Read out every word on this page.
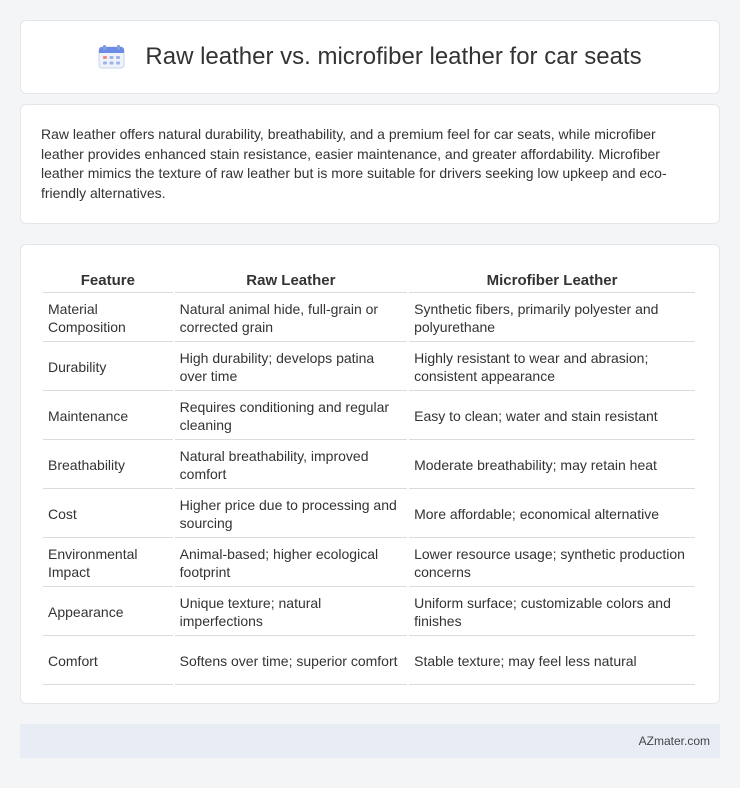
Raw leather vs. microfiber leather for car seats

Raw leather offers natural durability, breathability, and a premium feel for car seats, while microfiber leather provides enhanced stain resistance, easier maintenance, and greater affordability. Microfiber leather mimics the texture of raw leather but is more suitable for drivers seeking low upkeep and eco-friendly alternatives.

Feature	Raw Leather	Microfiber Leather
Material Composition	Natural animal hide, full-grain or corrected grain	Synthetic fibers, primarily polyester and polyurethane
Durability	High durability; develops patina over time	Highly resistant to wear and abrasion; consistent appearance
Maintenance	Requires conditioning and regular cleaning	Easy to clean; water and stain resistant
Breathability	Natural breathability, improved comfort	Moderate breathability; may retain heat
Cost	Higher price due to processing and sourcing	More affordable; economical alternative
Environmental Impact	Animal-based; higher ecological footprint	Lower resource usage; synthetic production concerns
Appearance	Unique texture; natural imperfections	Uniform surface; customizable colors and finishes
Comfort	Softens over time; superior comfort	Stable texture; may feel less natural
AZmater.com
